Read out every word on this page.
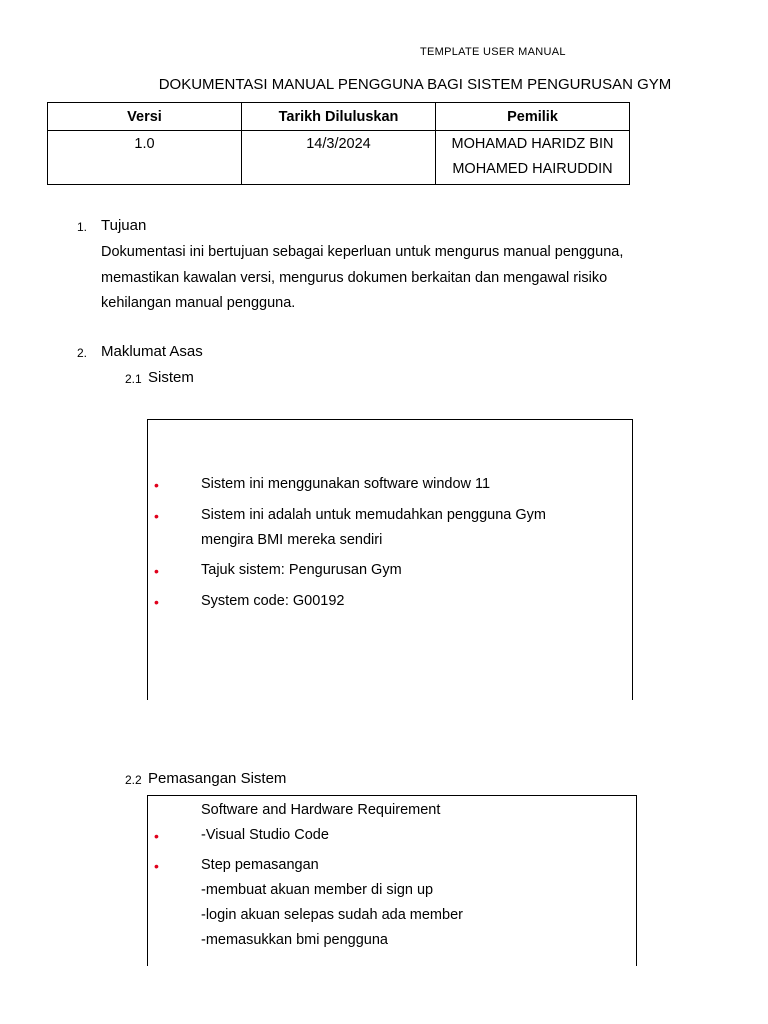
TEMPLATE USER MANUAL
DOKUMENTASI MANUAL PENGGUNA BAGI SISTEM PENGURUSAN GYM
Versi	Tarikh Diluluskan	Pemilik
1.0	14/3/2024	MOHAMAD HARIDZ BIN
MOHAMED HAIRUDDIN
1. Tujuan
Dokumentasi ini bertujuan sebagai keperluan untuk mengurus manual pengguna,
memastikan kawalan versi, mengurus dokumen berkaitan dan mengawal risiko
kehilangan manual pengguna.
2. Maklumat Asas
2.1 Sistem
•	Sistem ini menggunakan software window 11
•	Sistem ini adalah untuk memudahkan pengguna Gym
mengira BMI mereka sendiri
•	Tajuk sistem: Pengurusan Gym
•	System code: G00192
2.2 Pemasangan Sistem
Software and Hardware Requirement
•	-Visual Studio Code
•	Step pemasangan
-membuat akuan member di sign up
-login akuan selepas sudah ada member
-memasukkan bmi pengguna
